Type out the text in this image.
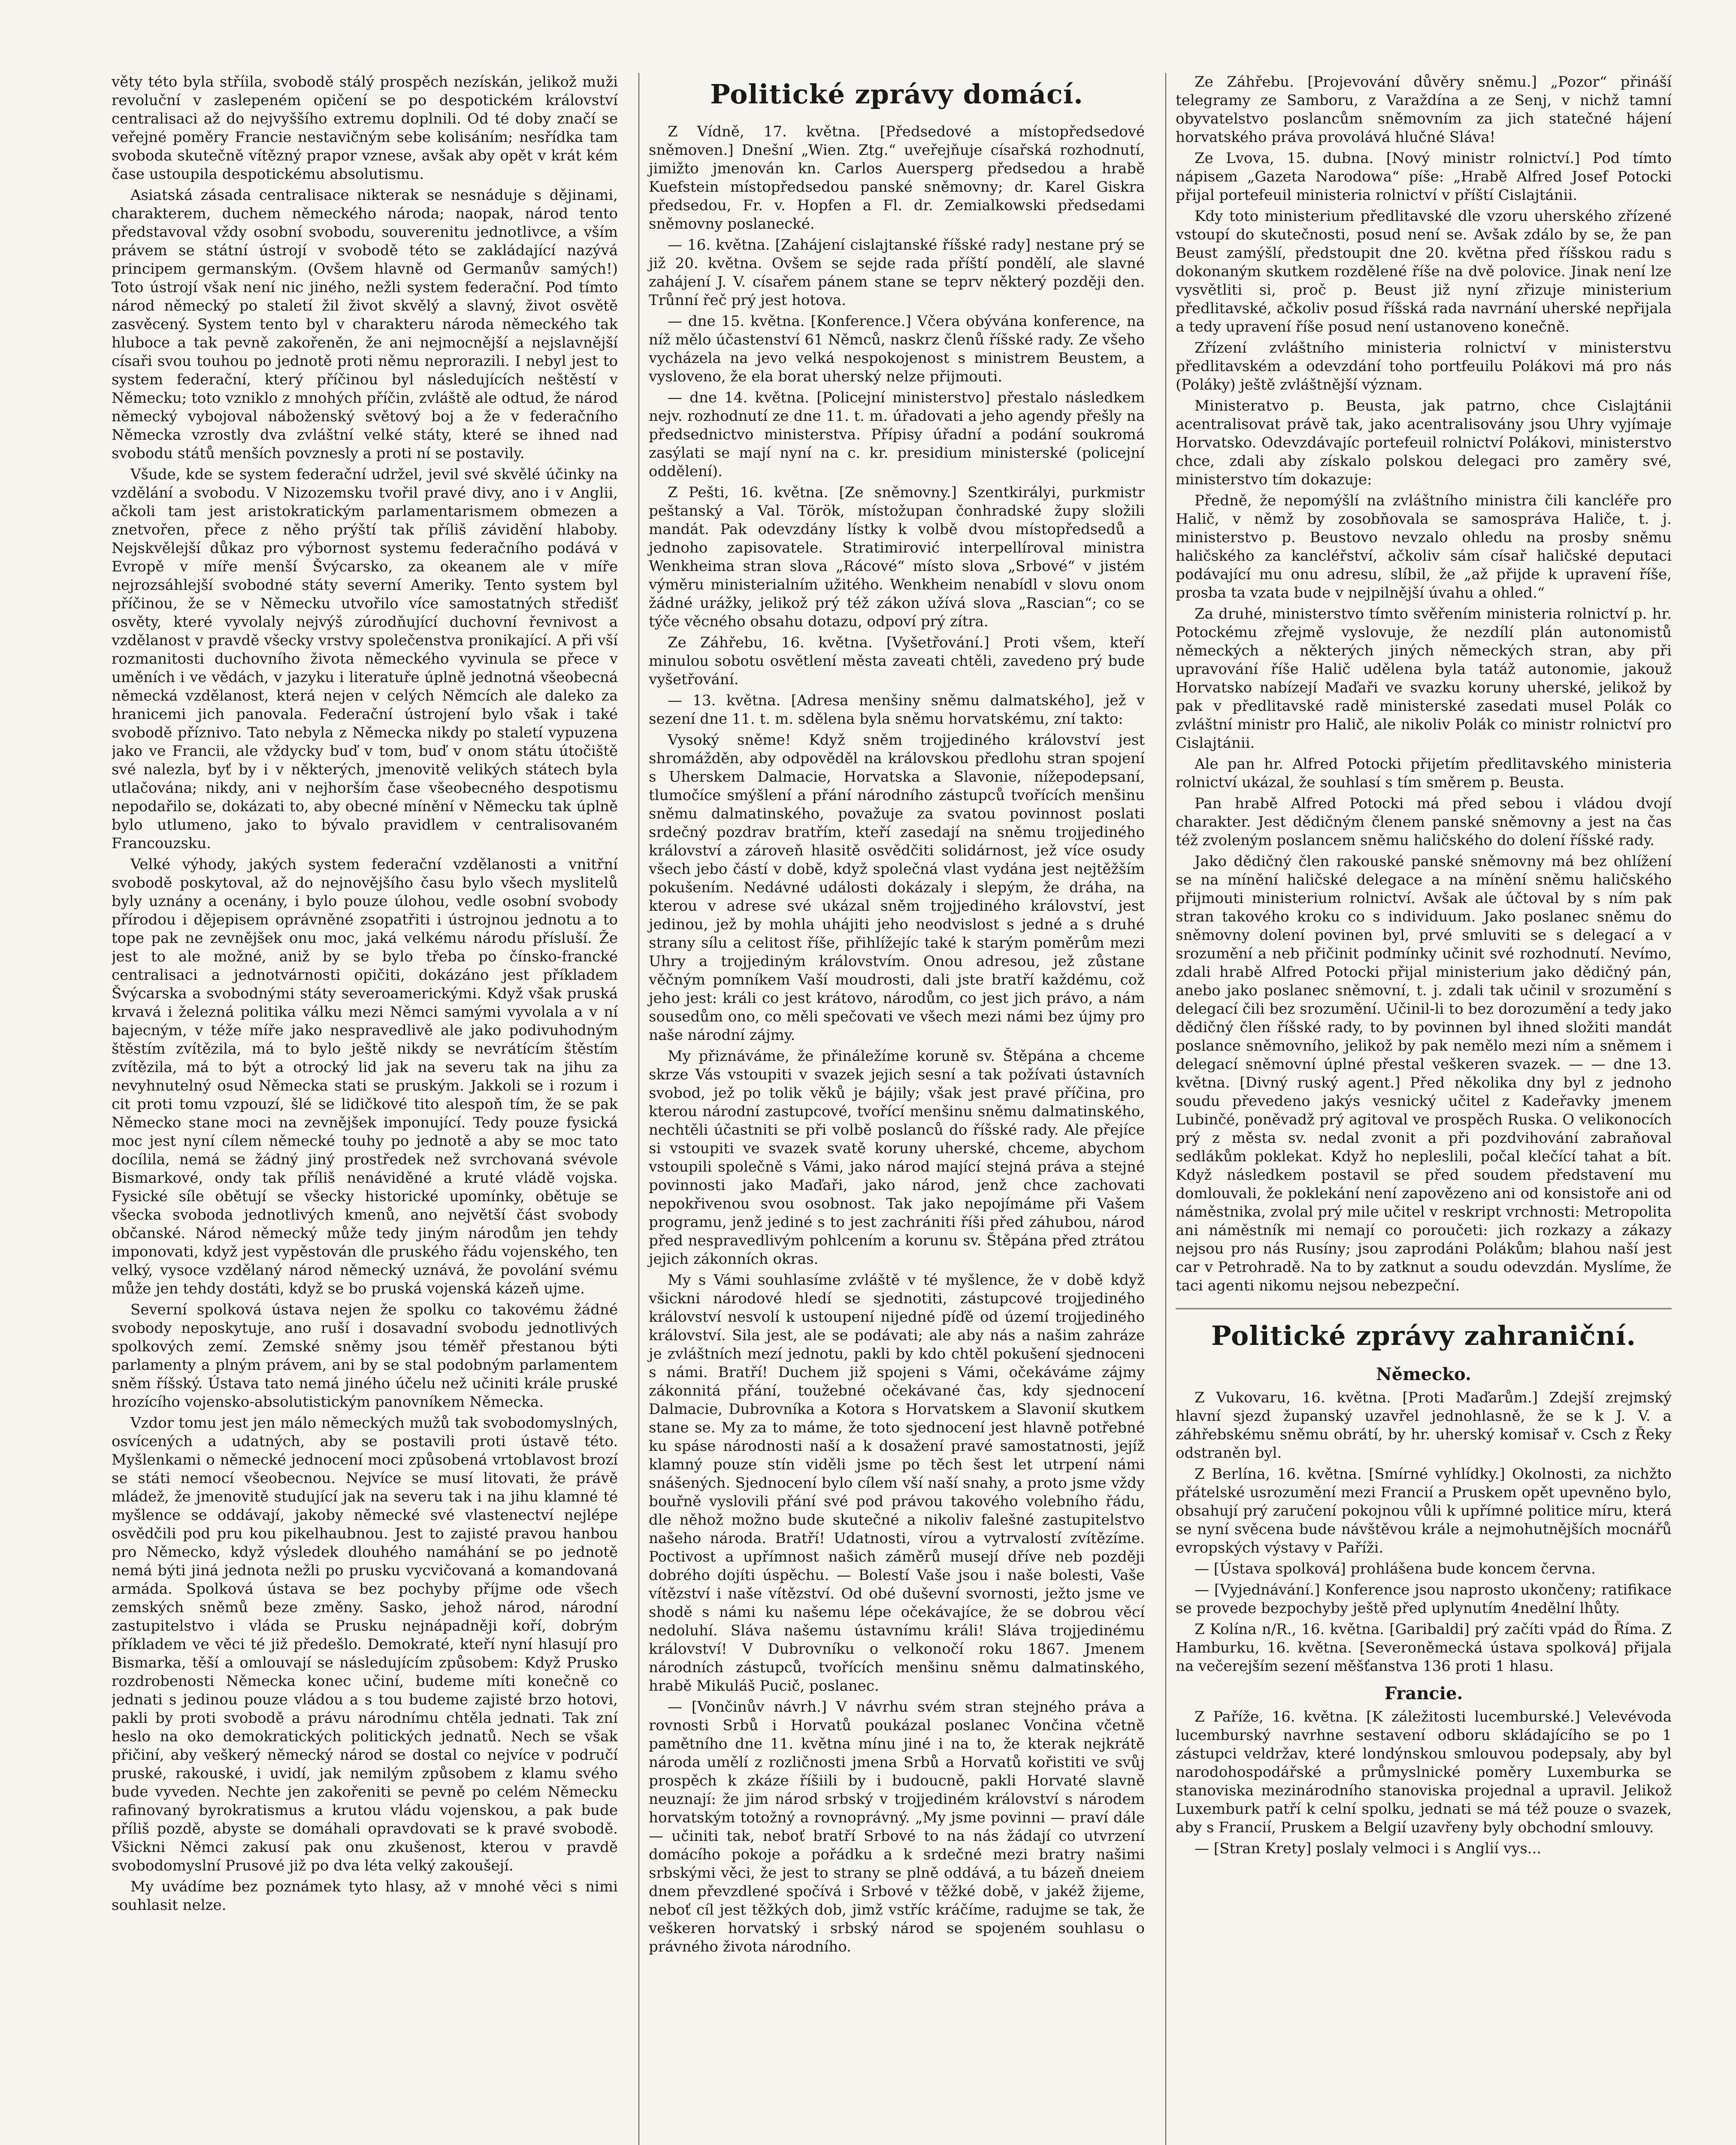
věty této byla stříila, svobodě stálý prospěch nezískán, jelikož muži revoluční v zaslepeném opičení se po despotickém království centralisaci až do nejvyššího extremu doplnili. Od té doby značí se veřejné poměry Francie nestavičným sebe kolisáním; nesřídka tam svoboda skutečně vítězný prapor vznese, avšak aby opět v krát kém čase ustoupila despotickému absolutismu.

Asiatská zásada centralisace nikterak se nesnáduje s dějinami, charakterem, duchem německého národa; naopak, národ tento představoval vždy osobní svobodu, souverenitu jednotlivce, a vším právem se státní ústrojí v svobodě této se zakládající nazývá principem germanským. (Ovšem hlavně od Germanův samých!) Toto ústrojí však není nic jiného, nežli system federační. Pod tímto národ německý po staletí žil život skvělý a slavný, život osvětě zasvěcený. System tento byl v charakteru národa německého tak hluboce a tak pevně zakořeněn, že ani nejmocnější a nejslavnější císaři svou touhou po jednotě proti němu neprorazili. I nebyl jest to system federační, který příčinou byl následujících neštěstí v Německu; toto vzniklo z mnohých příčin, zvláště ale odtud, že národ německý vybojoval náboženský světový boj a že v federačního Německa vzrostly dva zvláštní velké státy, které se ihned nad svobodu států menších povznesly a proti ní se postavily.

Všude, kde se system federační udržel, jevil své skvělé účinky na vzdělání a svobodu. V Nizozemsku tvořil pravé divy, ano i v Anglii, ačkoli tam jest aristokratickým parlamentarismem obmezen a znetvořen, přece z něho prýští tak příliš závidění hlaboby. Nejskvělejší důkaz pro výbornost systemu federačního podává v Evropě v míře menší Švýcarsko, za okeanem ale v míře nejrozsáhlejší svobodné státy severní Ameriky. Tento system byl příčinou, že se v Německu utvořilo více samostatných středišť osvěty, které vyvolaly nejvýš zúrodňující duchovní řevnivost a vzdělanost v pravdě všecky vrstvy společenstva pronikající. A při vší rozmanitosti duchovního života německého vyvinula se přece v uměních i ve vědách, v jazyku i literatuře úplně jednotná všeobecná německá vzdělanost, která nejen v celých Němcích ale daleko za hranicemi jich panovala. Federační ústrojení bylo však i také svobodě příznivo. Tato nebyla z Německa nikdy po staletí vypuzena jako ve Francii, ale vždycky buď v tom, buď v onom státu útočiště své nalezla, byť by i v některých, jmenovitě velikých státech byla utlačována; nikdy, ani v nejhorším čase všeobecného despotismu nepodařilo se, dokázati to, aby obecné mínění v Německu tak úplně bylo utlumeno, jako to bývalo pravidlem v centralisovaném Francouzsku.

Velké výhody, jakých system federační vzdělanosti a vnitřní svobodě poskytoval, až do nejnovějšího času bylo všech myslitelů byly uznány a ocenány, i bylo pouze úlohou, vedle osobní svobody přírodou i dějepisem oprávněné zsopatřiti i ústrojnou jednotu a to tope pak ne zevnějšek onu moc, jaká velkému národu přísluší. Že jest to ale možné, aniž by se bylo třeba po čínsko-francké centralisaci a jednotvárnosti opičiti, dokázáno jest příkladem Švýcarska a svobodnými státy severoamerickými. Když však pruská krvavá i železná politika válku mezi Němci samými vyvolala a v ní bajecným, v téže míře jako nespravedlivě ale jako podivuhodným štěstím zvítězila, má to bylo ještě nikdy se nevrátícím štěstím zvítězila, má to být a otrocký lid jak na severu tak na jihu za nevyhnutelný osud Německa stati se pruským. Jakkoli se i rozum i cit proti tomu vzpouzí, šlé se lidičkové tito alespoň tím, že se pak Německo stane moci na zevnějšek imponující. Tedy pouze fysická moc jest nyní cílem německé touhy po jednotě a aby se moc tato docílila, nemá se žádný jiný prostředek než svrchovaná svévole Bismarkové, ondy tak příliš nenáviděné a kruté vládě vojska. Fysické síle obětují se všecky historické upomínky, obětuje se všecka svoboda jednotlivých kmenů, ano největší část svobody občanské. Národ německý může tedy jiným národům jen tehdy imponovati, když jest vypěstován dle pruského řádu vojenského, ten velký, vysoce vzdělaný národ německý uznává, že povolání svému může jen tehdy dostáti, když se bo pruská vojenská kázeň ujme.

Severní spolková ústava nejen že spolku co takovému žádné svobody neposkytuje, ano ruší i dosavadní svobodu jednotlivých spolkových zemí. Zemské sněmy jsou téměř přestanou býti parlamenty a plným právem, ani by se stal podobným parlamentem sněm říšský. Ústava tato nemá jiného účelu než učiniti krále pruské hrozícího vojensko-absolutistickým panovníkem Německa.

Vzdor tomu jest jen málo německých mužů tak svobodomyslných, osvícených a udatných, aby se postavili proti ústavě této. Myšlenkami o německé jednocení moci způsobená vrtoblavost brozí se státi nemocí všeobecnou. Nejvíce se musí litovati, že právě mládež, že jmenovitě studující jak na severu tak i na jihu klamné té myšlence se oddávají, jakoby německé své vlastenectví nejlépe osvědčili pod pru kou pikelhaubnou. Jest to zajisté pravou hanbou pro Německo, když výsledek dlouhého namáhání se po jednotě nemá býti jiná jednota nežli po prusku vycvičovaná a komandovaná armáda. Spolková ústava se bez pochyby příjme ode všech zemských sněmů beze změny. Sasko, jehož národ, národní zastupitelstvo i vláda se Prusku nejnápadněji koří, dobrým příkladem ve věci té již předešlo. Demokraté, kteří nyní hlasují pro Bismarka, těší a omlouvají se následujícím způsobem: Když Prusko rozdrobenosti Německa konec učiní, budeme míti konečně co jednati s jedinou pouze vládou a s tou budeme zajisté brzo hotovi, pakli by proti svobodě a právu národnímu chtěla jednati. Tak zní heslo na oko demokratických politických jednatů. Nech se však přičiní, aby veškerý německý národ se dostal co nejvíce v područí pruské, rakouské, i uvidí, jak nemilým způsobem z klamu svého bude vyveden. Nechte jen zakořeniti se pevně po celém Německu rafinovaný byrokratismus a krutou vládu vojenskou, a pak bude příliš pozdě, abyste se domáhali opravdovati se k pravé svobodě. Všickni Němci zakusí pak onu zkušenost, kterou v pravdě svobodomyslní Prusové již po dva léta velký zakoušejí.

My uvádíme bez poznámek tyto hlasy, až v mnohé věci s nimi souhlasit nelze.

Politické zprávy domácí.

Z Vídně, 17. května. [Předsedové a místopředsedové sněmoven.] Dnešní „Wien. Ztg.“ uveřejňuje císařská rozhodnutí, jimižto jmenován kn. Carlos Auersperg předsedou a hrabě Kuefstein místopředsedou panské sněmovny; dr. Karel Giskra předsedou, Fr. v. Hopfen a Fl. dr. Zemialkowski předsedami sněmovny poslanecké.

— 16. května. [Zahájení cislajtanské říšské rady] nestane prý se již 20. května. Ovšem se sejde rada příští pondělí, ale slavné zahájení J. V. císařem pánem stane se teprv některý později den. Trůnní řeč prý jest hotova.

— dne 15. května. [Konference.] Včera obývána konference, na níž mělo účastenství 61 Němců, naskrz členů říšské rady. Ze všeho vycházela na jevo velká nespokojenost s ministrem Beustem, a vysloveno, že ela borat uherský nelze přijmouti.

— dne 14. května. [Policejní ministerstvo] přestalo následkem nejv. rozhodnutí ze dne 11. t. m. úřadovati a jeho agendy přešly na předsednictvo ministerstva. Přípisy úřadní a podání soukromá zasýlati se mají nyní na c. kr. presidium ministerské (policejní oddělení).

Z Pešti, 16. května. [Ze sněmovny.] Szentkirályi, purkmistr peštanský a Val. Török, místožupan čonhradské župy složili mandát. Pak odevzdány lístky k volbě dvou místopředsedů a jednoho zapisovatele. Stratimirović interpellíroval ministra Wenkheima stran slova „Rácové“ místo slova „Srbové“ v jistém výměru ministerialním užitého. Wenkheim nenabídl v slovu onom žádné urážky, jelikož prý též zákon užívá slova „Rascian“; co se týče věcného obsahu dotazu, odpoví prý zítra.

Ze Záhřebu, 16. května. [Vyšetřování.] Proti všem, kteří minulou sobotu osvětlení města zaveati chtěli, zavedeno prý bude vyšetřování.

— 13. května. [Adresa menšiny sněmu dalmatského], jež v sezení dne 11. t. m. sdělena byla sněmu horvatskému, zní takto:

Vysoký sněme! Když sněm trojjediného království jest shromážděn, aby odpověděl na královskou předlohu stran spojení s Uherskem Dalmacie, Horvatska a Slavonie, nížepodepsaní, tlumočíce smýšlení a přání národního zástupců tvořících menšinu sněmu dalmatinského, považuje za svatou povinnost poslati srdečný pozdrav bratřím, kteří zasedají na sněmu trojjediného království a zároveň hlasitě osvědčiti solidárnost, jež více osudy všech jebo částí v době, když společná vlast vydána jest nejtěžším pokušením. Nedávné události dokázaly i slepým, že dráha, na kterou v adrese své ukázal sněm trojjediného království, jest jedinou, jež by mohla uhájiti jeho neodvislost s jedné a s druhé strany sílu a celitost říše, přihlížejíc také k starým poměrům mezi Uhry a trojjediným královstvím. Onou adresou, jež zůstane věčným pomníkem Vaší moudrosti, dali jste bratří každému, což jeho jest: králi co jest krátovo, národům, co jest jich právo, a nám sousedům ono, co měli spečovati ve všech mezi námi bez újmy pro naše národní zájmy.

My přiznáváme, že přináležíme koruně sv. Štěpána a chceme skrze Vás vstoupiti v svazek jejich sesní a tak požívati ústavních svobod, jež po tolik věků je bájily; však jest pravé příčina, pro kterou národní zastupcové, tvořící menšinu sněmu dalmatinského, nechtěli účastniti se při volbě poslanců do říšské rady. Ale přejíce si vstoupiti ve svazek svatě koruny uherské, chceme, abychom vstoupili společně s Vámi, jako národ mající stejná práva a stejné povinnosti jako Maďaři, jako národ, jenž chce zachovati nepokřivenou svou osobnost. Tak jako nepojímáme při Vašem programu, jenž jediné s to jest zachrániti říši před záhubou, národ před nespravedlivým pohlcením a korunu sv. Štěpána před ztrátou jejich zákonních okras.

My s Vámi souhlasíme zvláště v té myšlence, že v době když všickni národové hledí se sjednotiti, zástupcové trojjediného království nesvolí k ustoupení nijedné píďě od území trojjediného království. Sila jest, ale se podávati; ale aby nás a našim zahráze je zvláštních mezí jednotu, pakli by kdo chtěl pokušení sjednoceni s námi. Bratří! Duchem již spojeni s Vámi, očekáváme zájmy zákonnitá přání, toužebné očekávané čas, kdy sjednocení Dalmacie, Dubrovníka a Kotora s Horvatskem a Slavonií skutkem stane se. My za to máme, že toto sjednocení jest hlavně potřebné ku spáse národnosti naší a k dosažení pravé samostatnosti, jejíž klamný pouze stín viděli jsme po těch šest let utrpení námi snášených. Sjednocení bylo cílem vší naší snahy, a proto jsme vždy bouřně vyslovili přání své pod právou takového volebního řádu, dle něhož možno bude skutečné a nikoliv falešné zastupitelstvo našeho národa. Bratří! Udatnosti, vírou a vytrvalostí zvítězíme. Poctivost a upřímnost našich záměrů musejí dříve neb později dobrého dojíti úspěchu. — Bolestí Vaše jsou i naše bolesti, Vaše vítězství i naše vítězství. Od obé duševní svornosti, ježto jsme ve shodě s námi ku našemu lépe očekávajíce, že se dobrou věcí nedoluhí. Sláva našemu ústavnímu králi! Sláva trojjedinému království! V Dubrovníku o velkonočí roku 1867. Jmenem národních zástupců, tvořících menšinu sněmu dalmatinského, hrabě Mikuláš Pucič, poslanec.

— [Vončinův návrh.] V návrhu svém stran stejného práva a rovnosti Srbů i Horvatů poukázal poslanec Vončina včetně pamětního dne 11. května mínu jiné i na to, že kterak nejkrátě národa umělí z rozličnosti jmena Srbů a Horvatů kořistiti ve svůj prospěch k zkáze říšiili by i budoucně, pakli Horvaté slavně neuznají: že jim národ srbský v trojjediném království s národem horvatským totožný a rovnoprávný. „My jsme povinni — praví dále — učiniti tak, neboť bratří Srbové to na nás žádají co utvrzení domácího pokoje a pořádku a k srdečné mezi bratry našimi srbskými věci, že jest to strany se plně oddává, a tu bázeň dneiem dnem převzdlené spočívá i Srbové v těžké době, v jakéž žijeme, neboť cíl jest těžkých dob, jimž vstříc kráčíme, radujme se tak, že veškeren horvatský i srbský národ se spojeném souhlasu o právného života národního.

Ze Záhřebu. [Projevování důvěry sněmu.] „Pozor“ přináší telegramy ze Samboru, z Varaždína a ze Senj, v nichž tamní obyvatelstvo poslancům sněmovním za jich statečné hájení horvatského práva provolává hlučné Sláva!

Ze Lvova, 15. dubna. [Nový ministr rolnictví.] Pod tímto nápisem „Gazeta Narodowa“ píše: „Hrabě Alfred Josef Potocki přijal portefeuil ministeria rolnictví v příští Cislajtánii.

Kdy toto ministerium předlitavské dle vzoru uherského zřízené vstoupí do skutečnosti, posud není se. Avšak zdálo by se, že pan Beust zamýšlí, předstoupit dne 20. května před říšskou radu s dokonaným skutkem rozdělené říše na dvě polovice. Jinak není lze vysvětliti si, proč p. Beust již nyní zřizuje ministerium předlitavské, ačkoliv posud říšská rada navrnání uherské nepřijala a tedy upravení říše posud není ustanoveno konečně.

Zřízení zvláštního ministeria rolnictví v ministerstvu předlitavském a odevzdání toho portfeuilu Polákovi má pro nás (Poláky) ještě zvláštnější význam.

Ministeratvo p. Beusta, jak patrno, chce Cislajtánii acentralisovat právě tak, jako acentralisovány jsou Uhry vyjímaje Horvatsko. Odevzdávajíc portefeuil rolnictví Polákovi, ministerstvo chce, zdali aby získalo polskou delegaci pro zaměry své, ministerstvo tím dokazuje:

Předně, že nepomýšlí na zvláštního ministra čili kancléře pro Halič, v němž by zosobňovala se samospráva Haliče, t. j. ministerstvo p. Beustovo nevzalo ohledu na prosby sněmu haličského za kancléřství, ačkoliv sám císař haličské deputaci podávající mu onu adresu, slíbil, že „až přijde k upravení říše, prosba ta vzata bude v nejpilnější úvahu a ohled.“

Za druhé, ministerstvo tímto svěřením ministeria rolnictví p. hr. Potockému zřejmě vyslovuje, že nezdílí plán autonomistů německých a některých jiných německých stran, aby při upravování říše Halič udělena byla tatáž autonomie, jakouž Horvatsko nabízejí Maďaři ve svazku koruny uherské, jelikož by pak v předlitavské radě ministerské zasedati musel Polák co zvláštní ministr pro Halič, ale nikoliv Polák co ministr rolnictví pro Cislajtánii.

Ale pan hr. Alfred Potocki přijetím předlitavského ministeria rolnictví ukázal, že souhlasí s tím směrem p. Beusta.

Pan hrabě Alfred Potocki má před sebou i vládou dvojí charakter. Jest dědičným členem panské sněmovny a jest na čas též zvoleným poslancem sněmu haličského do dolení říšské rady.

Jako dědičný člen rakouské panské sněmovny má bez ohlížení se na mínění haličské delegace a na mínění sněmu haličského přijmouti ministerium rolnictví. Avšak ale účtoval by s ním pak stran takového kroku co s individuum. Jako poslanec sněmu do sněmovny dolení povinen byl, prvé smluviti se s delegací a v srozumění a neb přičinit podmínky učinit své rozhodnutí. Nevímo, zdali hrabě Alfred Potocki přijal ministerium jako dědičný pán, anebo jako poslanec sněmovní, t. j. zdali tak učinil v srozumění s delegací čili bez srozumění. Učinil-li to bez dorozumění a tedy jako dědičný člen říšské rady, to by povinnen byl ihned složiti mandát poslance sněmovního, jelikož by pak nemělo mezi ním a sněmem i delegací sněmovní úplné přestal veškeren svazek. — — dne 13. května. [Divný ruský agent.] Před několika dny byl z jednoho soudu převedeno jakýs vesnický učitel z Kadeřavky jmenem Lubinčé, poněvadž prý agitoval ve prospěch Ruska. O velikonocích prý z města sv. nedal zvonit a při pozdvihování zabraňoval sedlákům poklekat. Když ho nepleslili, počal klečící tahat a bít. Když následkem postavil se před soudem představení mu domlouvali, že poklekání není zapovězeno ani od konsistoře ani od náměstnika, zvolal prý mile učitel v reskript vrchnosti: Metropolita ani náměstník mi nemají co poroučeti: jich rozkazy a zákazy nejsou pro nás Rusíny; jsou zaprodáni Polákům; blahou naší jest car v Petrohradě. Na to by zatknut a soudu odevzdán. Myslíme, že taci agenti nikomu nejsou nebezpeční.

Politické zprávy zahraniční.
Německo.

Z Vukovaru, 16. května. [Proti Maďarům.] Zdejší zrejmský hlavní sjezd županský uzavřel jednohlasně, že se k J. V. a záhřebskému sněmu obrátí, by hr. uherský komisař v. Csch z Řeky odstraněn byl.

Z Berlína, 16. května. [Smírné vyhlídky.] Okolnosti, za nichžto přátelské usrozumění mezi Francií a Pruskem opět upevněno bylo, obsahují prý zaručení pokojnou vůli k upřímné politice míru, která se nyní svěcena bude návštěvou krále a nejmohutnějších mocnářů evropských výstavy v Paříži.

— [Ústava spolková] prohlášena bude koncem června.

— [Vyjednávání.] Konference jsou naprosto ukončeny; ratifikace se provede bezpochyby ještě před uplynutím 4nedělní lhůty.

Z Kolína n/R., 16. května. [Garibaldi] prý začíti vpád do Říma. Z Hamburku, 16. května. [Severoněmecká ústava spolková] přijala na večerejším sezení měšťanstva 136 proti 1 hlasu.

Francie.

Z Paříže, 16. května. [K záležitosti lucemburské.] Velevévoda lucemburský navrhne sestavení odboru skládajícího se po 1 zástupci veldržav, které londýnskou smlouvou podepsaly, aby byl narodohospodářské a průmyslnické poměry Luxemburka se stanoviska mezinárodního stanoviska projednal a upravil. Jelikož Luxemburk patří k celní spolku, jednati se má též pouze o svazek, aby s Francií, Pruskem a Belgií uzavřeny byly obchodní smlouvy.

— [Stran Krety] poslaly velmoci i s Anglií vys...
